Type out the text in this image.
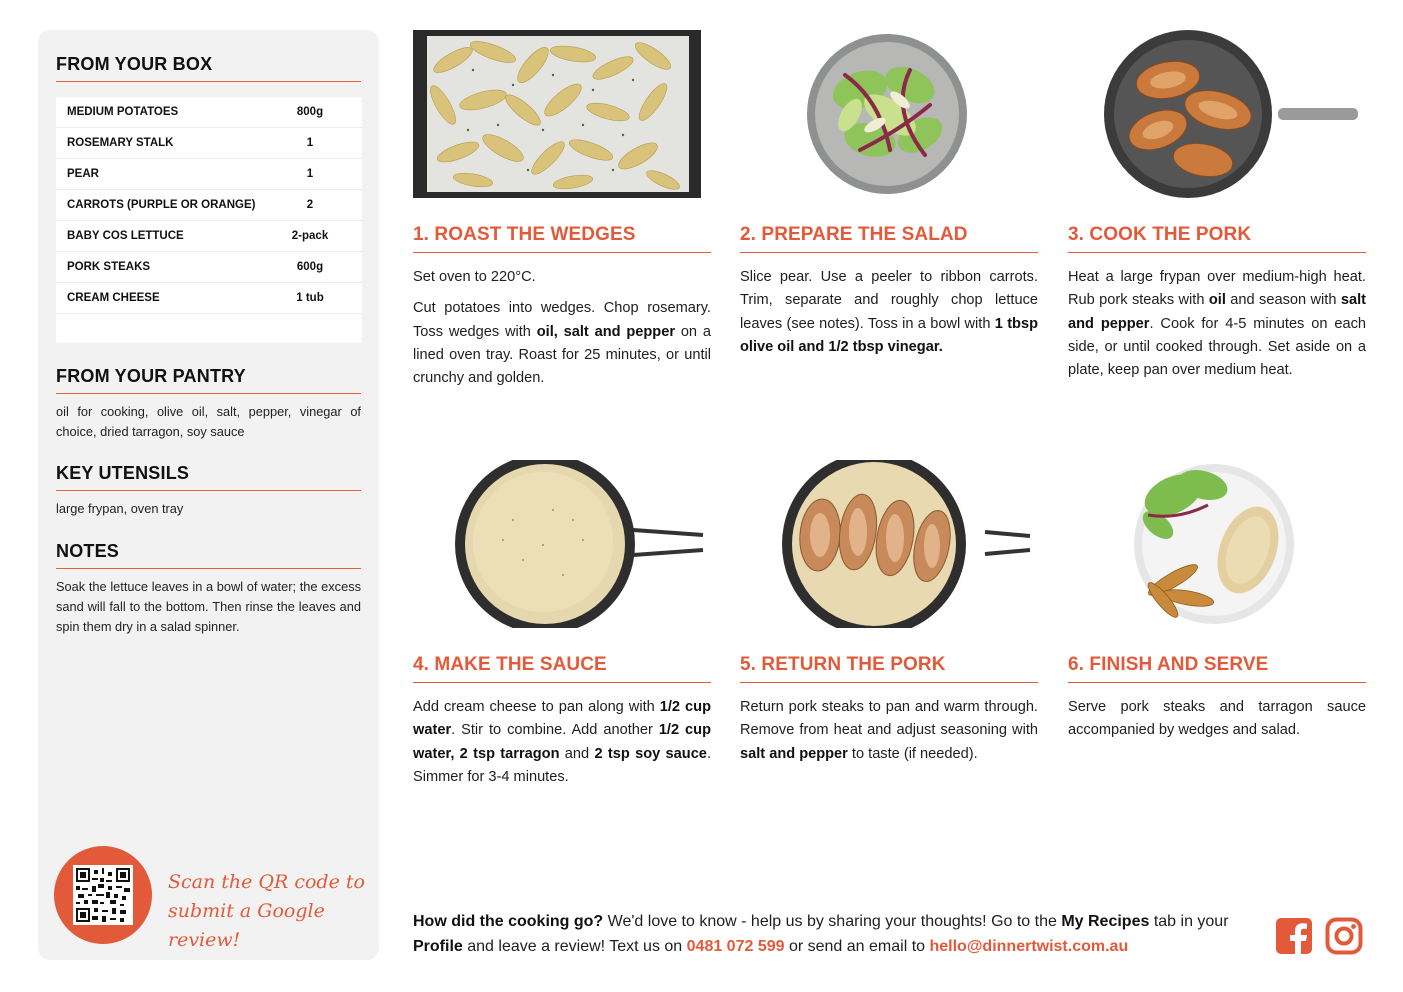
FROM YOUR BOX
MEDIUM POTATOES	800g
ROSEMARY STALK	1
PEAR	1
CARROTS (PURPLE OR ORANGE)	2
BABY COS LETTUCE	2-pack
PORK STEAKS	600g
CREAM CHEESE	1 tub
FROM YOUR PANTRY
oil for cooking, olive oil, salt, pepper, vinegar of choice, dried tarragon, soy sauce
KEY UTENSILS
large frypan, oven tray
NOTES
Soak the lettuce leaves in a bowl of water; the excess sand will fall to the bottom. Then rinse the leaves and spin them dry in a salad spinner.
Scan the QR code to
submit a Google review!
1. ROAST THE WEDGES

Set oven to 220°C.

Cut potatoes into wedges. Chop rosemary. Toss wedges with oil, salt and pepper on a lined oven tray. Roast for 25 minutes, or until crunchy and golden.

2. PREPARE THE SALAD

Slice pear. Use a peeler to ribbon carrots. Trim, separate and roughly chop lettuce leaves (see notes). Toss in a bowl with 1 tbsp olive oil and 1/2 tbsp vinegar.

3. COOK THE PORK

Heat a large frypan over medium-high heat. Rub pork steaks with oil and season with salt and pepper. Cook for 4-5 minutes on each side, or until cooked through. Set aside on a plate, keep pan over medium heat.

4. MAKE THE SAUCE

Add cream cheese to pan along with 1/2 cup water. Stir to combine. Add another 1/2 cup water, 2 tsp tarragon and 2 tsp soy sauce. Simmer for 3-4 minutes.

5. RETURN THE PORK

Return pork steaks to pan and warm through. Remove from heat and adjust seasoning with salt and pepper to taste (if needed).

6. FINISH AND SERVE

Serve pork steaks and tarragon sauce accompanied by wedges and salad.

How did the cooking go? We'd love to know - help us by sharing your thoughts! Go to the My Recipes tab in your Profile and leave a review! Text us on 0481 072 599 or send an email to hello@dinnertwist.com.au
